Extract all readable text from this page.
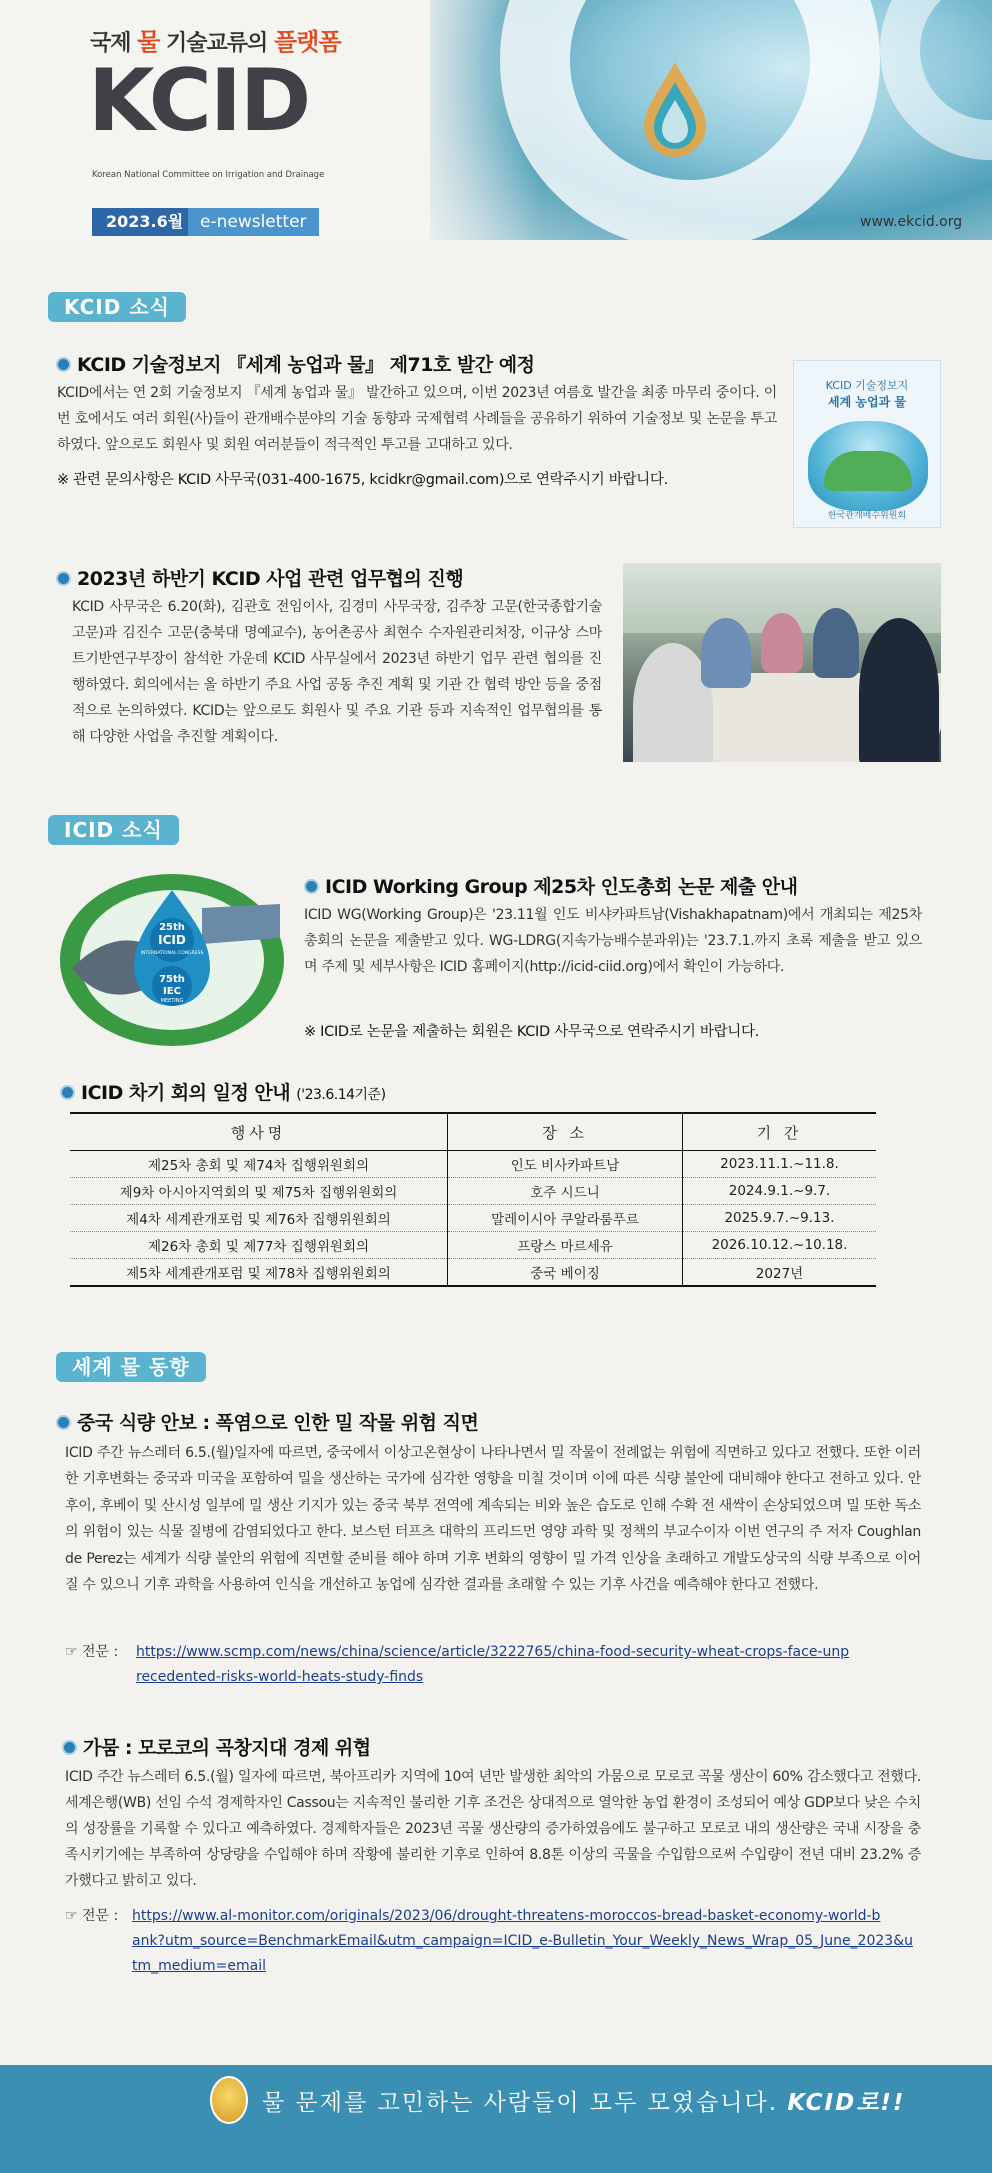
국제 물 기술교류의 플랫폼
KCID
Korean National Committee on Irrigation and Drainage
2023.6월 e-newsletter	www.ekcid.org
KCID 소식
KCID 기술정보지 『세계 농업과 물』 제71호 발간 예정
KCID에서는 연 2회 기술정보지 『세계 농업과 물』 발간하고 있으며, 이번 2023년 여름호 발간을 최종 마무리 중이다. 이번 호에서도 여러 회원(사)들이 관개배수분야의 기술 동향과 국제협력 사례들을 공유하기 위하여 기술정보 및 논문을 투고하였다. 앞으로도 회원사 및 회원 여러분들이 적극적인 투고를 고대하고 있다.
※ 관련 문의사항은 KCID 사무국(031-400-1675, kcidkr@gmail.com)으로 연락주시기 바랍니다.
KCID 기술정보지
세계 농업과 물
한국관개배수위원회
2023년 하반기 KCID 사업 관련 업무협의 진행
KCID 사무국은 6.20(화), 김관호 전임이사, 김경미 사무국장, 김주창 고문(한국종합기술 고문)과 김진수 고문(충북대 명예교수), 농어촌공사 최현수 수자원관리처장, 이규상 스마트기반연구부장이 참석한 가운데 KCID 사무실에서 2023년 하반기 업무 관련 협의를 진행하였다. 회의에서는 올 하반기 주요 사업 공동 추진 계획 및 기관 간 협력 방안 등을 중점적으로 논의하였다. KCID는 앞으로도 회원사 및 주요 기관 등과 지속적인 업무협의를 통해 다양한 사업을 추진할 계획이다.
ICID 소식
25th
ICID
INTERNATIONAL CONGRESS
75th
IEC
MEETING
ICID Working Group 제25차 인도총회 논문 제출 안내
ICID WG(Working Group)은 '23.11월 인도 비샤카파트남(Vishakhapatnam)에서 개최되는 제25차 총회의 논문을 제출받고 있다. WG-LDRG(지속가능배수분과위)는 '23.7.1.까지 초록 제출을 받고 있으며 주제 및 세부사항은 ICID 홈페이지(http://icid-ciid.org)에서 확인이 가능하다.
※ ICID로 논문을 제출하는 회원은 KCID 사무국으로 연락주시기 바랍니다.
ICID 차기 회의 일정 안내 ('23.6.14기준)
행사명	장 소	기 간
제25차 총회 및 제74차 집행위원회의	인도 비사카파트남	2023.11.1.~11.8.
제9차 아시아지역회의 및 제75차 집행위원회의	호주 시드니	2024.9.1.~9.7.
제4차 세계관개포럼 및 제76차 집행위원회의	말레이시아 쿠알라룸푸르	2025.9.7.~9.13.
제26차 총회 및 제77차 집행위원회의	프랑스 마르세유	2026.10.12.~10.18.
제5차 세계관개포럼 및 제78차 집행위원회의	중국 베이징	2027년
세계 물 동향
중국 식량 안보 : 폭염으로 인한 밀 작물 위험 직면
ICID 주간 뉴스레터 6.5.(월)일자에 따르면, 중국에서 이상고온현상이 나타나면서 밀 작물이 전례없는 위험에 직면하고 있다고 전했다. 또한 이러한 기후변화는 중국과 미국을 포함하여 밀을 생산하는 국가에 심각한 영향을 미칠 것이며 이에 따른 식량 불안에 대비해야 한다고 전하고 있다. 안후이, 후베이 및 산시성 일부에 밀 생산 기지가 있는 중국 북부 전역에 계속되는 비와 높은 습도로 인해 수확 전 새싹이 손상되었으며 밀 또한 독소의 위험이 있는 식물 질병에 감염되었다고 한다. 보스턴 터프츠 대학의 프리드먼 영양 과학 및 정책의 부교수이자 이번 연구의 주 저자 Coughlan de Perez는 세계가 식량 불안의 위험에 직면할 준비를 해야 하며 기후 변화의 영향이 밀 가격 인상을 초래하고 개발도상국의 식량 부족으로 이어질 수 있으니 기후 과학을 사용하여 인식을 개선하고 농업에 심각한 결과를 초래할 수 있는 기후 사건을 예측해야 한다고 전했다.
☞ 전문 : https://www.scmp.com/news/china/science/article/3222765/china-food-security-wheat-crops-face-unp
recedented-risks-world-heats-study-finds
가뭄 : 모로코의 곡창지대 경제 위협
ICID 주간 뉴스레터 6.5.(월) 일자에 따르면, 북아프리카 지역에 10여 년만 발생한 최악의 가뭄으로 모로코 곡물 생산이 60% 감소했다고 전했다. 세계은행(WB) 선임 수석 경제학자인 Cassou는 지속적인 불리한 기후 조건은 상대적으로 열악한 농업 환경이 조성되어 예상 GDP보다 낮은 수치의 성장률을 기록할 수 있다고 예측하였다. 경제학자들은 2023년 곡물 생산량의 증가하였음에도 불구하고 모로코 내의 생산량은 국내 시장을 충족시키기에는 부족하여 상당량을 수입해야 하며 작황에 불리한 기후로 인하여 8.8톤 이상의 곡물을 수입함으로써 수입량이 전년 대비 23.2% 증가했다고 밝히고 있다.
☞ 전문 : https://www.al-monitor.com/originals/2023/06/drought-threatens-moroccos-bread-basket-economy-world-b
ank?utm_source=BenchmarkEmail&utm_campaign=ICID_e-Bulletin_Your_Weekly_News_Wrap_05_June_2023&u
tm_medium=email
물 문제를 고민하는 사람들이 모두 모였습니다. KCID로!!
